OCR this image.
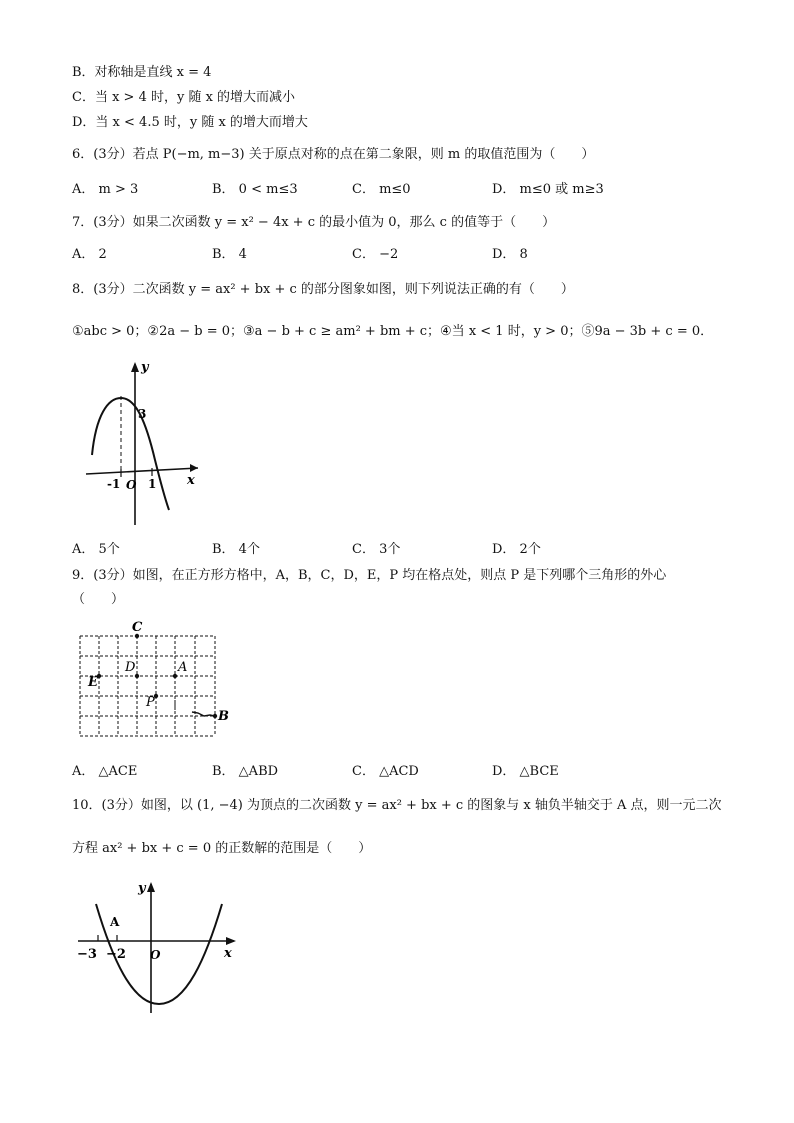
B．对称轴是直线 x = 4
C．当 x > 4 时，y 随 x 的增大而减小
D．当 x < 4.5 时，y 随 x 的增大而增大
6．(3分）若点 P(−m, m−3) 关于原点对称的点在第二象限，则 m 的取值范围为（　　）
A． m > 3	B． 0 < m≤3	C． m≤0	D． m≤0 或 m≥3
7．(3分）如果二次函数 y = x² − 4x + c 的最小值为 0，那么 c 的值等于（　　）
A． 2	B． 4	C． −2	D． 8
8．(3分）二次函数 y = ax² + bx + c 的部分图象如图，则下列说法正确的有（　　）
①abc > 0；②2a − b = 0；③a − b + c ≥ am² + bm + c；④当 x < 1 时，y > 0；⑤9a − 3b + c = 0．
y
x
3
-1 O 1
A． 5个	B． 4个	C． 3个	D． 2个
9．(3分）如图，在正方形方格中，A，B，C，D，E，P 均在格点处，则点 P 是下列哪个三角形的外心
（　　）
C
D	A
E
P
B
A． △ACE	B． △ABD	C． △ACD	D． △BCE
10．(3分）如图，以 (1, −4) 为顶点的二次函数 y = ax² + bx + c 的图象与 x 轴负半轴交于 A 点，则一元二次
方程 ax² + bx + c = 0 的正数解的范围是（　　）
y
x
A
−3 −2 O
